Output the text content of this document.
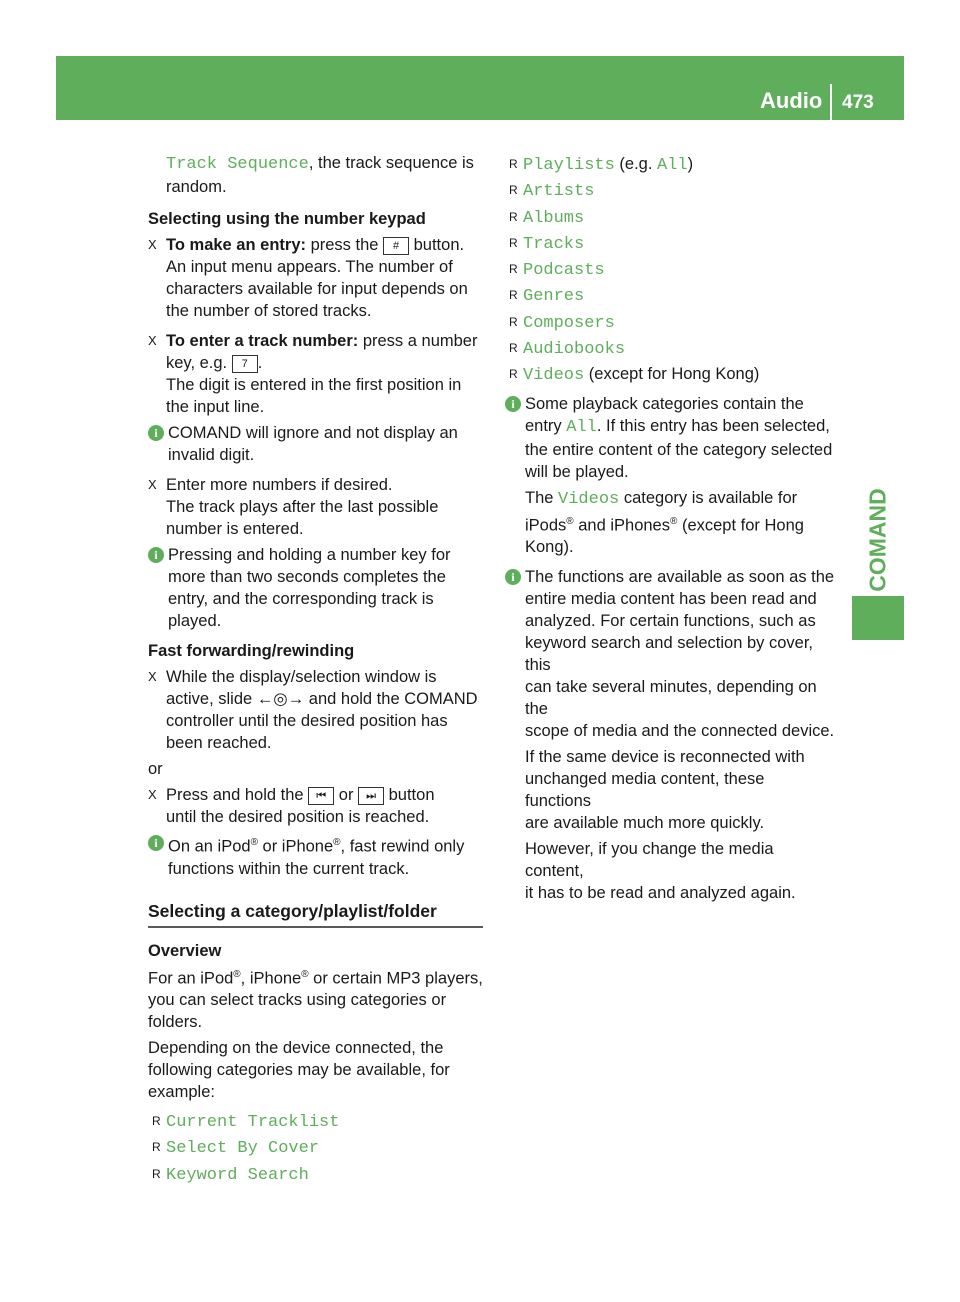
Audio 473
COMAND

Track Sequence, the track sequence is
random.

Selecting using the number keypad

X To make an entry: press the # button.
An input menu appears. The number of
characters available for input depends on
the number of stored tracks.
X To enter a track number: press a number
key, e.g. 7 .
The digit is entered in the first position in
the input line.
i COMAND will ignore and not display an
invalid digit.
X Enter more numbers if desired.
The track plays after the last possible
number is entered.
i Pressing and holding a number key for
more than two seconds completes the
entry, and the corresponding track is
played.

Fast forwarding/rewinding

X While the display/selection window is
active, slide ←◎→ and hold the COMAND
controller until the desired position has
been reached.

or

X Press and hold the ⏮ or ⏭ button
until the desired position is reached.
i On an iPod® or iPhone®, fast rewind only
functions within the current track.

Selecting a category/playlist/folder

Overview

For an iPod®, iPhone® or certain MP3 players,
you can select tracks using categories or
folders.

Depending on the device connected, the
following categories may be available, for
example:

R Current Tracklist
R Select By Cover
R Keyword Search
R Playlists (e.g. All)
R Artists
R Albums
R Tracks
R Podcasts
R Genres
R Composers
R Audiobooks
R Videos (except for Hong Kong)
i Some playback categories contain the
entry All. If this entry has been selected,
the entire content of the category selected
will be played.

The Videos category is available for
iPods® and iPhones® (except for Hong
Kong).

i The functions are available as soon as the
entire media content has been read and
analyzed. For certain functions, such as
keyword search and selection by cover, this
can take several minutes, depending on the
scope of media and the connected device.

If the same device is reconnected with
unchanged media content, these functions
are available much more quickly.

However, if you change the media content,
it has to be read and analyzed again.
